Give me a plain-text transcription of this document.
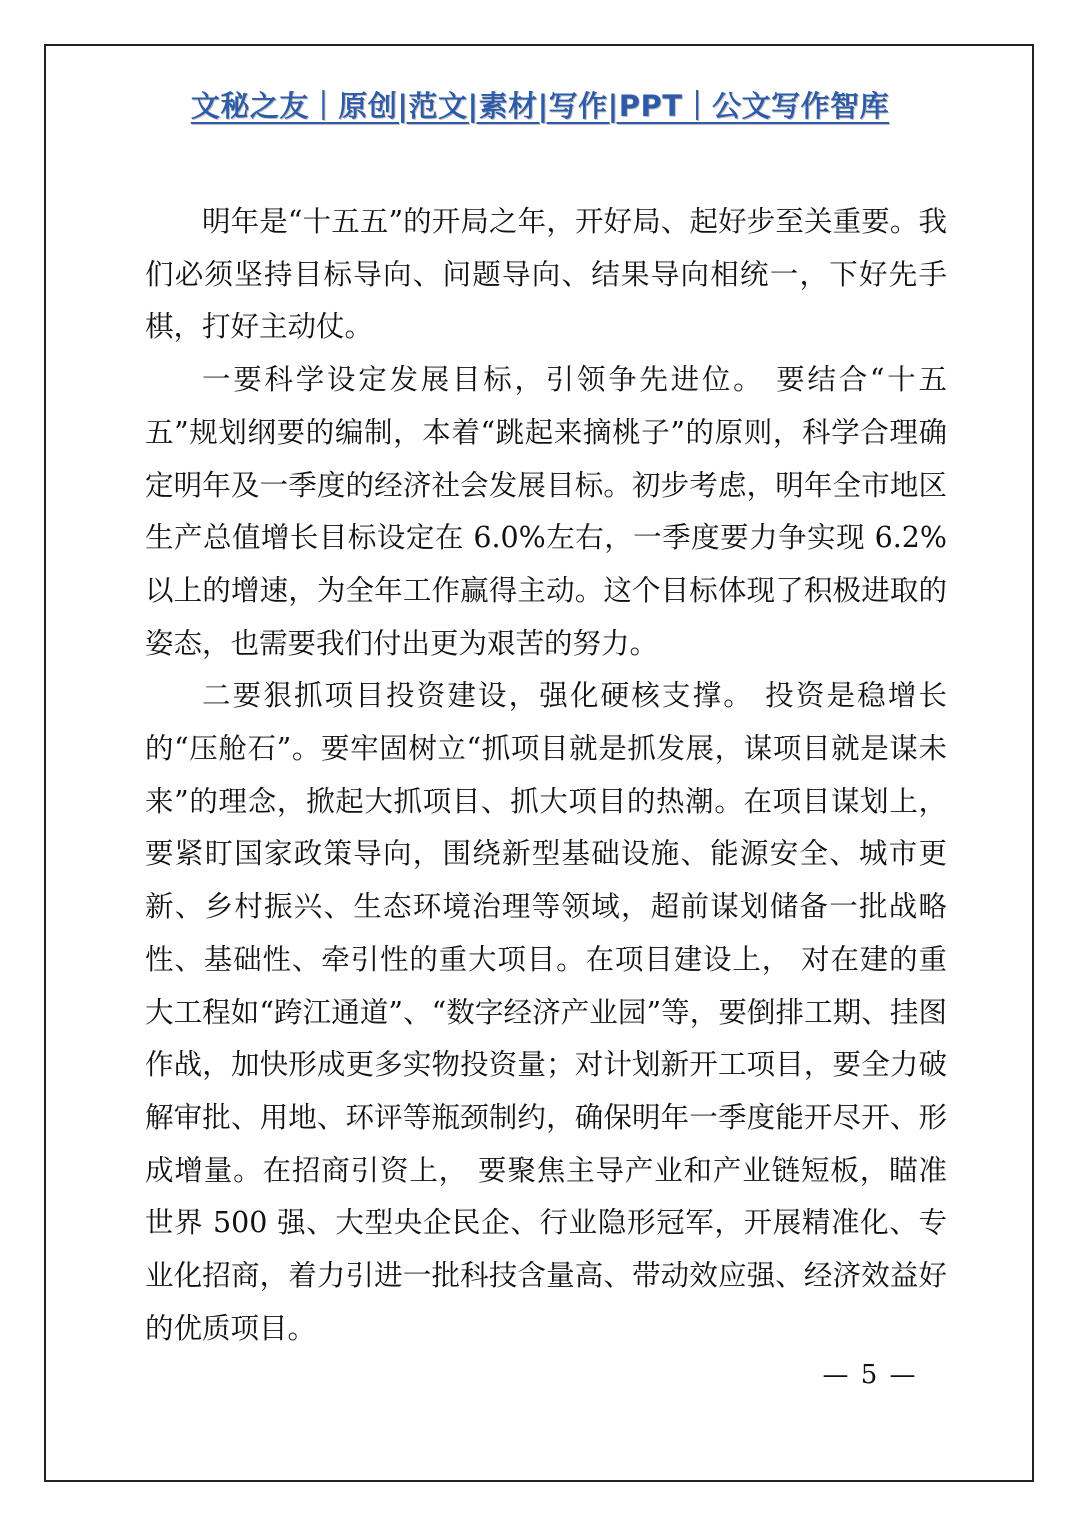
文秘之友｜原创|范文|素材|写作|PPT｜公文写作智库

明年是“十五五”的开局之年，开好局、起好步至关重要。我们必须坚持目标导向、问题导向、结果导向相统一，下好先手棋，打好主动仗。

一要科学设定发展目标，引领争先进位。 要结合“十五五”规划纲要的编制，本着“跳起来摘桃子”的原则，科学合理确定明年及一季度的经济社会发展目标。初步考虑，明年全市地区生产总值增长目标设定在 6.0%左右，一季度要力争实现 6.2%以上的增速，为全年工作赢得主动。这个目标体现了积极进取的姿态，也需要我们付出更为艰苦的努力。

二要狠抓项目投资建设，强化硬核支撑。 投资是稳增长的“压舱石”。要牢固树立“抓项目就是抓发展，谋项目就是谋未来”的理念，掀起大抓项目、抓大项目的热潮。在项目谋划上， 要紧盯国家政策导向，围绕新型基础设施、能源安全、城市更新、乡村振兴、生态环境治理等领域，超前谋划储备一批战略性、基础性、牵引性的重大项目。在项目建设上， 对在建的重大工程如“跨江通道”、“数字经济产业园”等，要倒排工期、挂图作战，加快形成更多实物投资量；对计划新开工项目，要全力破解审批、用地、环评等瓶颈制约，确保明年一季度能开尽开、形成增量。在招商引资上， 要聚焦主导产业和产业链短板，瞄准世界 500 强、大型央企民企、行业隐形冠军，开展精准化、专业化招商，着力引进一批科技含量高、带动效应强、经济效益好的优质项目。

— 5 —
